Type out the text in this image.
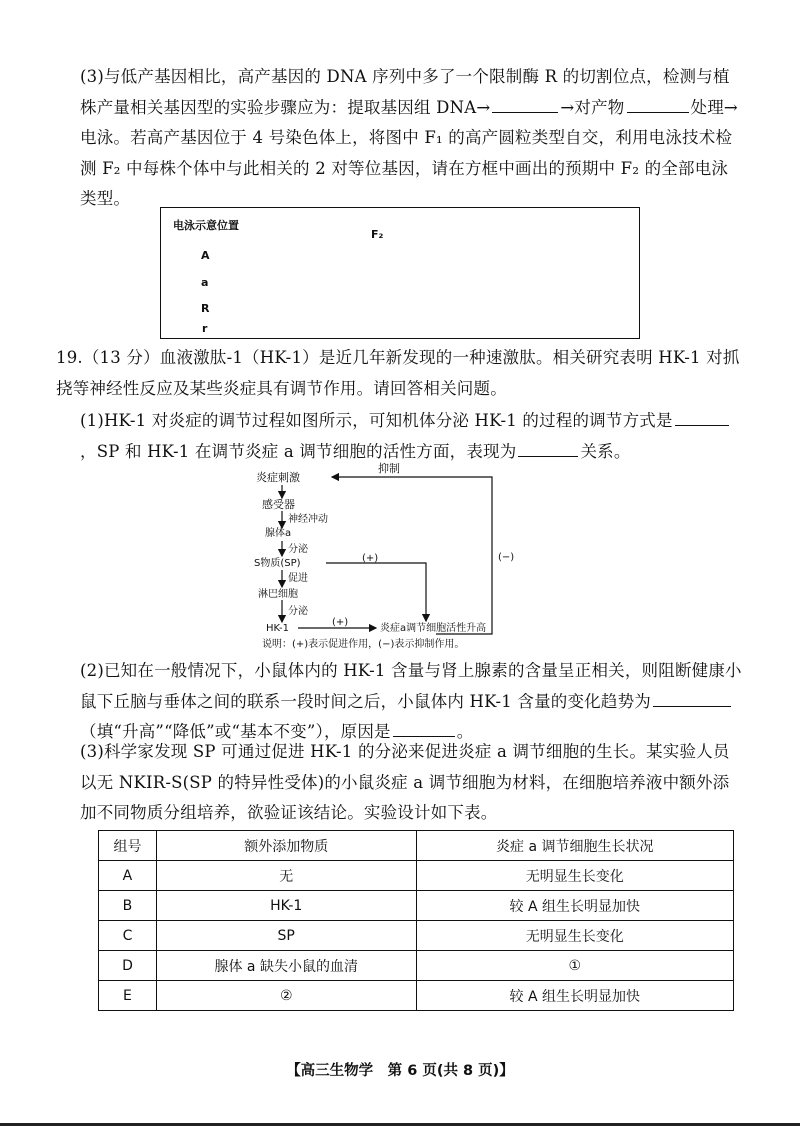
(3)与低产基因相比，高产基因的 DNA 序列中多了一个限制酶 R 的切割位点，检测与植株产量相关基因型的实验步骤应为：提取基因组 DNA→	→对产物	处理→电泳。若高产基因位于 4 号染色体上，将图中 F₁ 的高产圆粒类型自交，利用电泳技术检测 F₂ 中每株个体中与此相关的 2 对等位基因，请在方框中画出的预期中 F₂ 的全部电泳类型。
电泳示意位置
F₂
A
a
R
r
19.（13 分）血液激肽-1（HK-1）是近几年新发现的一种速激肽。相关研究表明 HK-1 对抓挠等神经性反应及某些炎症具有调节作用。请回答相关问题。
(1)HK-1 对炎症的调节过程如图所示，可知机体分泌 HK-1 的过程的调节方式是，SP 和 HK-1 在调节炎症 a 调节细胞的活性方面，表现为	关系。
炎症刺激
抑制
感受器
神经冲动
腺体a
分泌
S物质(SP)	(+)	(−)
促进
淋巴细胞
分泌
HK-1
(+)
炎症a调节细胞活性升高
说明：(+)表示促进作用，(−)表示抑制作用。
(2)已知在一般情况下，小鼠体内的 HK-1 含量与肾上腺素的含量呈正相关，则阻断健康小鼠下丘脑与垂体之间的联系一段时间之后，小鼠体内 HK-1 含量的变化趋势为（填“升高”“降低”或“基本不变”），原因是	。
(3)科学家发现 SP 可通过促进 HK-1 的分泌来促进炎症 a 调节细胞的生长。某实验人员以无 NKIR-S(SP 的特异性受体)的小鼠炎症 a 调节细胞为材料，在细胞培养液中额外添加不同物质分组培养，欲验证该结论。实验设计如下表。
组号	额外添加物质	炎症 a 调节细胞生长状况
A	无	无明显生长变化
B	HK-1	较 A 组生长明显加快
C	SP	无明显生长变化
D	腺体 a 缺失小鼠的血清	①
E	②	较 A 组生长明显加快
【高三生物学　第 6 页(共 8 页)】
